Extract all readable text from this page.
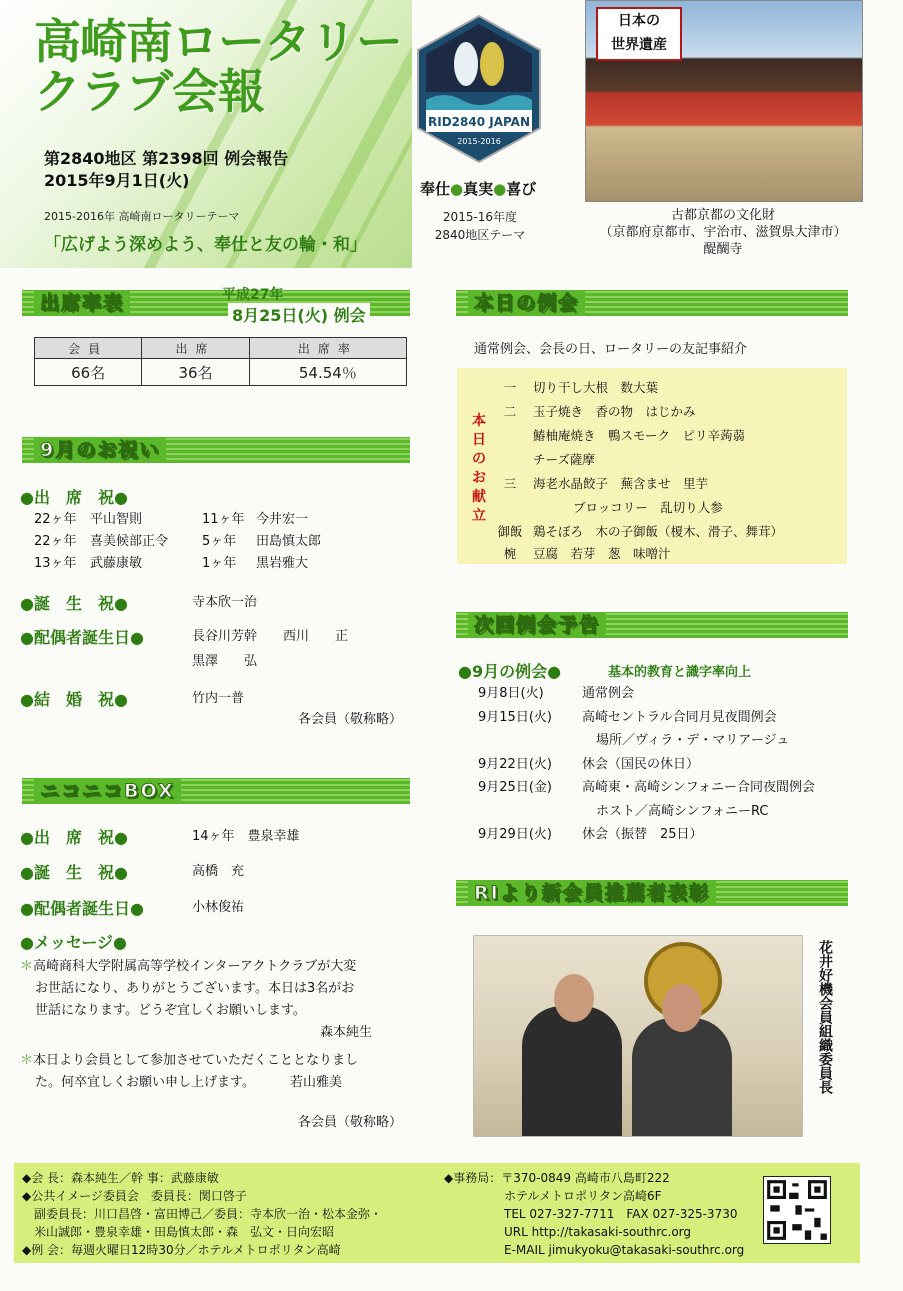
高崎南ロータリー
クラブ会報
第2840地区 第2398回 例会報告
2015年9月1日(火)
2015-2016年 高崎南ロータリーテーマ
「広げよう深めよう、奉仕と友の輪・和」
RID2840 JAPAN
2015-2016
奉仕●真実●喜び
2015-16年度
2840地区テーマ
日本の
世界遺産
古都京都の文化財
（京都府京都市、宇治市、滋賀県大津市）
醍醐寺
出席率表	平成27年
8月25日(火) 例会
会員	出席	出席率
66名	36名	54.54％
9月のお祝い
●出　席　祝●
22ヶ年 平山智則	11ヶ年 今井宏一
22ヶ年 喜美候部正令	5ヶ年 田島慎太郎
13ヶ年 武藤康敏	1ヶ年 黒岩雅大
●誕　生　祝●	寺本欣一治
●配偶者誕生日●	長谷川芳幹　　西川　　正
黒澤　　弘
●結　婚　祝●	竹内一普
各会員（敬称略）
ニコニコBOX
●出　席　祝●	14ヶ年　豊泉幸雄
●誕　生　祝●	高橋　充
●配偶者誕生日●	小林俊祐
●メッセージ●
＊高崎商科大学附属高等学校インターアクトクラブが大変
お世話になり、ありがとうございます。本日は3名がお
世話になります。どうぞ宜しくお願いします。
森本純生
＊本日より会員として参加させていただくこととなりまし
た。何卒宜しくお願い申し上げます。	若山雅美
各会員（敬称略）
本日の例会
通常例会、会長の日、ロータリーの友記事紹介
本
日
の
お
献
立
一 切り干し大根　数大葉
二 玉子焼き　香の物　はじかみ
鰆柚庵焼き　鴨スモーク　ピリ辛蒟蒻
チーズ薩摩
三 海老水晶餃子　蕪含ませ　里芋
ブロッコリー　乱切り人参
御飯 鶏そぼろ　木の子御飯（榎木、滑子、舞茸）
椀 豆腐　若芽　葱　味噌汁
次回例会予告
●9月の例会●	基本的教育と識字率向上
9月8日(火)	通常例会
9月15日(火) 高崎セントラル合同月見夜間例会
場所／ヴィラ・デ・マリアージュ
9月22日(火) 休会（国民の休日）
9月25日(金) 高崎東・高崎シンフォニー合同夜間例会
ホスト／高崎シンフォニーRC
9月29日(火) 休会（振替　25日）
RIより新会員推薦者表彰
花井好機会員組織委員長
◆会 長：森本純生／幹 事：武藤康敏
◆公共イメージ委員会　委員長：関口啓子
　副委員長：川口昌啓・富田博己／委員：寺本欣一治・松本金弥・
　米山誠郎・豊泉幸雄・田島慎太郎・森　弘文・日向宏昭
◆例 会：毎週火曜日12時30分／ホテルメトロポリタン高崎
◆事務局：〒370-0849 高崎市八島町222
　　　　　ホテルメトロポリタン高崎6F
　　　　　TEL 027-327-7711　FAX 027-325-3730
　　　　　URL http://takasaki-southrc.org
　　　　　E-MAIL jimukyoku@takasaki-southrc.org
